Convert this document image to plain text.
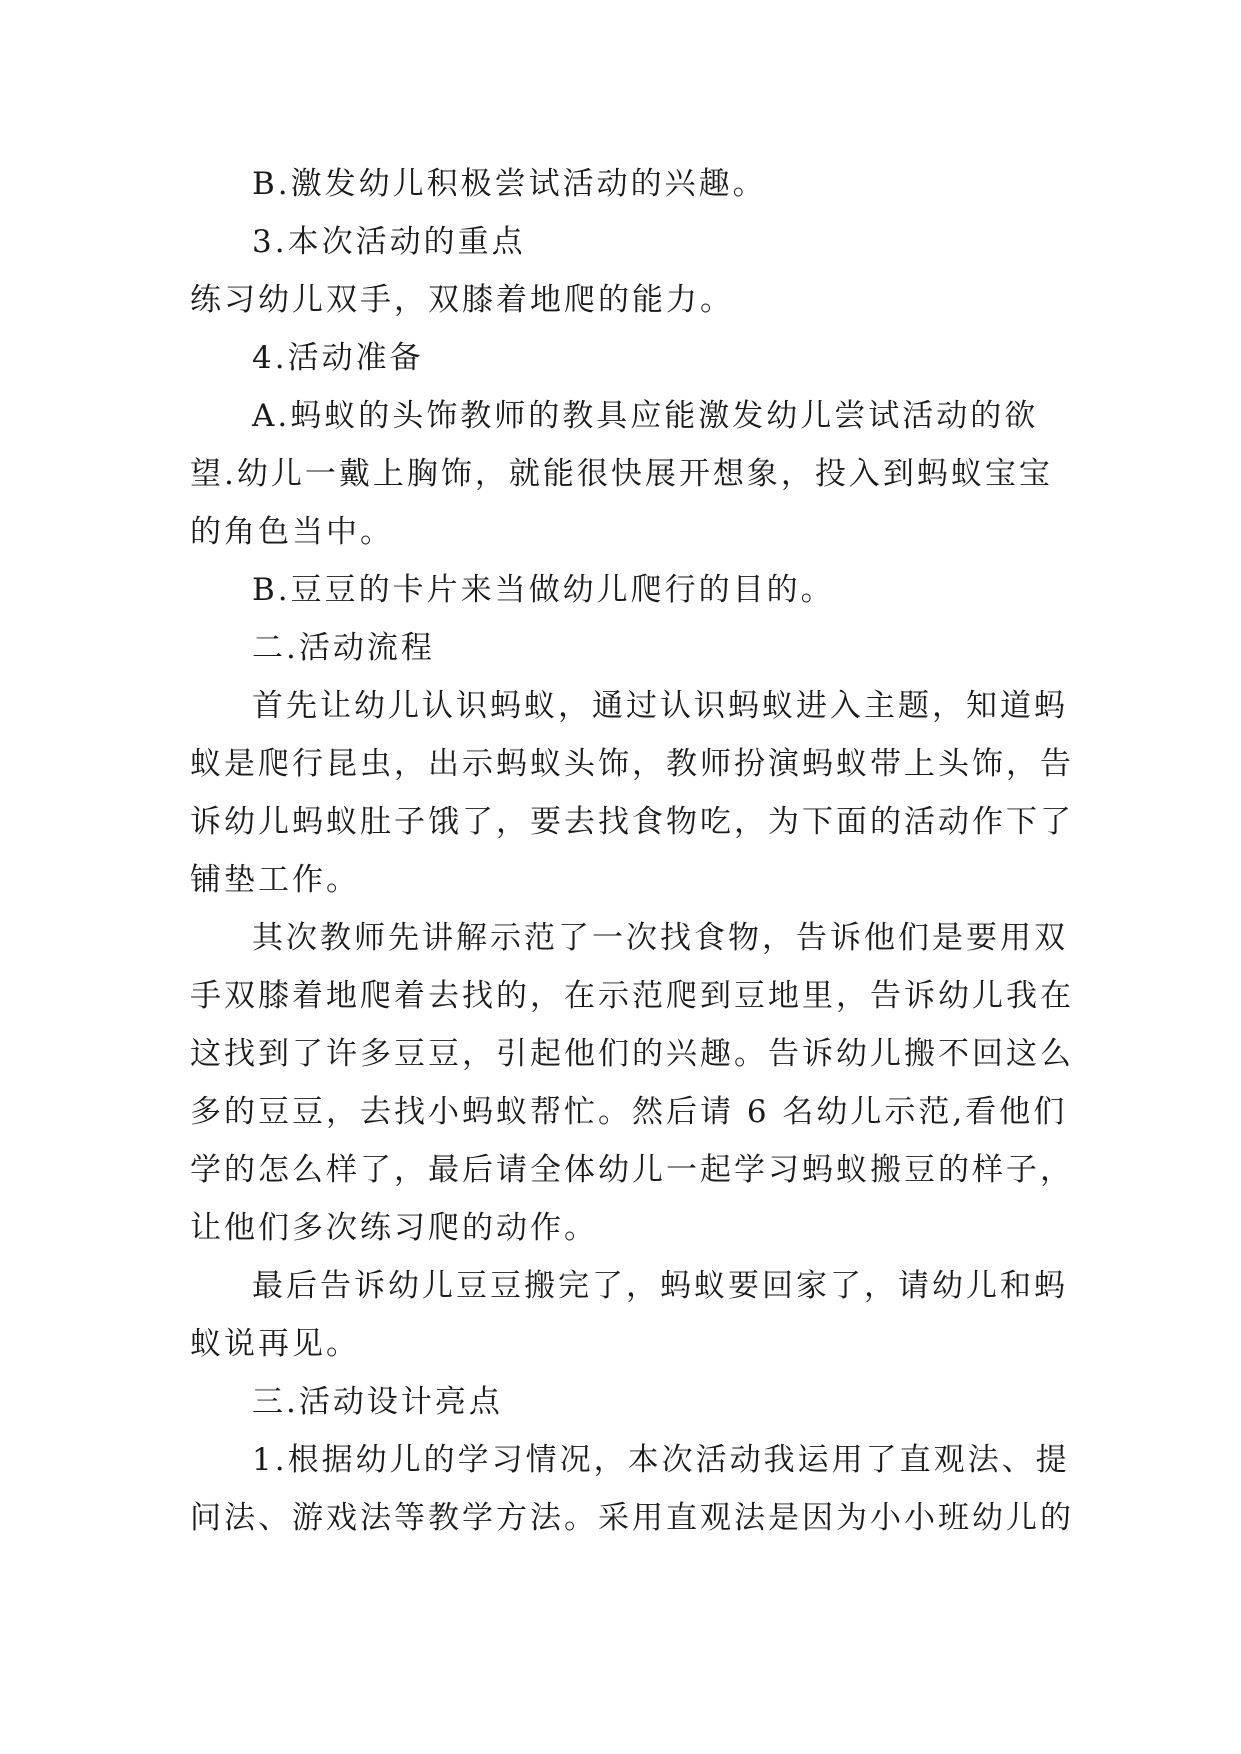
B.激发幼儿积极尝试活动的兴趣。
3.本次活动的重点
练习幼儿双手，双膝着地爬的能力。
4.活动准备
A.蚂蚁的头饰教师的教具应能激发幼儿尝试活动的欲
望.幼儿一戴上胸饰，就能很快展开想象，投入到蚂蚁宝宝
的角色当中。
B.豆豆的卡片来当做幼儿爬行的目的。
二.活动流程
首先让幼儿认识蚂蚁，通过认识蚂蚁进入主题，知道蚂
蚁是爬行昆虫，出示蚂蚁头饰，教师扮演蚂蚁带上头饰，告
诉幼儿蚂蚁肚子饿了，要去找食物吃，为下面的活动作下了
铺垫工作。
其次教师先讲解示范了一次找食物，告诉他们是要用双
手双膝着地爬着去找的，在示范爬到豆地里，告诉幼儿我在
这找到了许多豆豆，引起他们的兴趣。告诉幼儿搬不回这么
多的豆豆，去找小蚂蚁帮忙。然后请 6 名幼儿示范,看他们
学的怎么样了，最后请全体幼儿一起学习蚂蚁搬豆的样子，
让他们多次练习爬的动作。
最后告诉幼儿豆豆搬完了，蚂蚁要回家了，请幼儿和蚂
蚁说再见。
三.活动设计亮点
1.根据幼儿的学习情况，本次活动我运用了直观法、提
问法、游戏法等教学方法。采用直观法是因为小小班幼儿的
